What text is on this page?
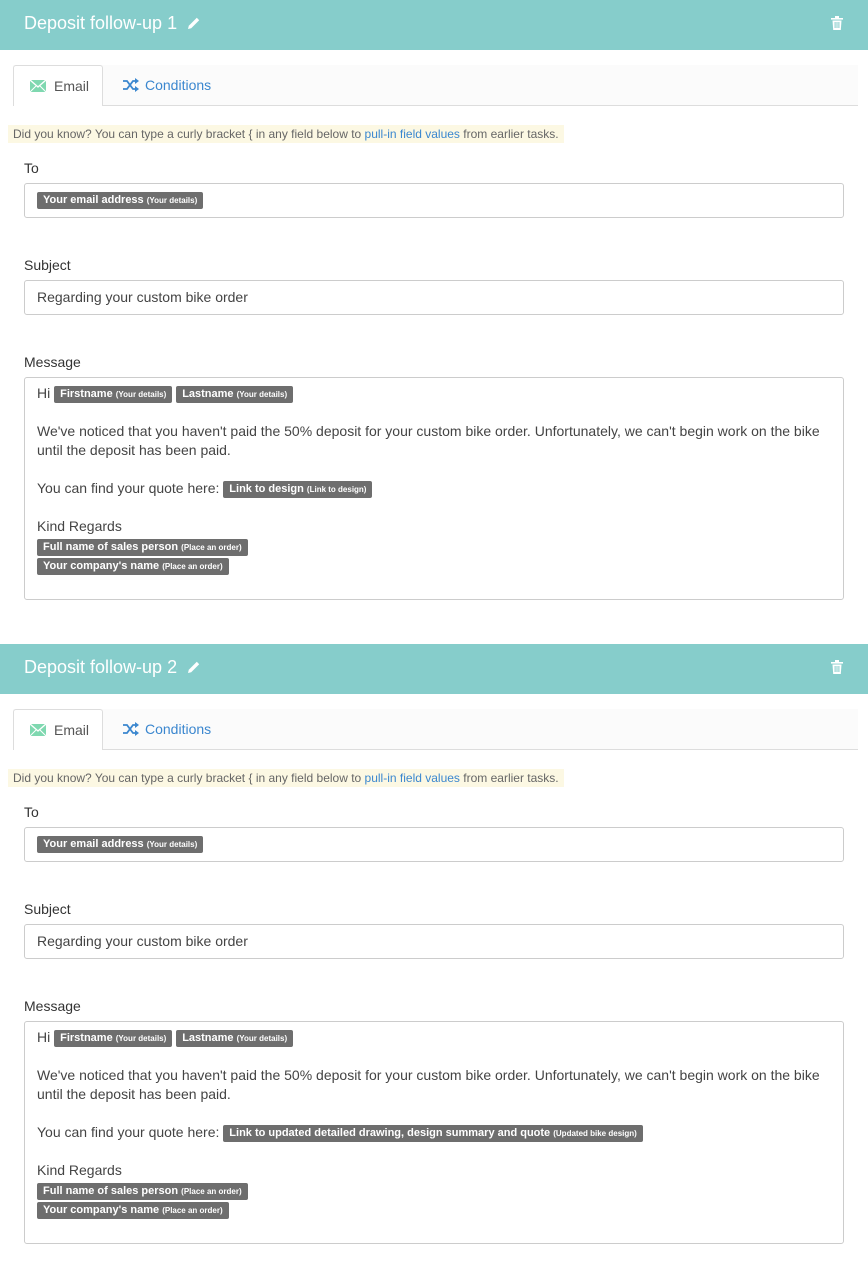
Deposit follow-up 1
Email	Conditions
Did you know? You can type a curly bracket { in any field below to pull-in field values from earlier tasks.
To
Your email address (Your details)
Subject
Regarding your custom bike order
Message
Hi Firstname (Your details) Lastname (Your details)
We've noticed that you haven't paid the 50% deposit for your custom bike order. Unfortunately, we can't begin work on the bike until the deposit has been paid.
You can find your quote here: Link to design (Link to design)
Kind Regards
Full name of sales person (Place an order)
Your company's name (Place an order)
Deposit follow-up 2
Email	Conditions
Did you know? You can type a curly bracket { in any field below to pull-in field values from earlier tasks.
To
Your email address (Your details)
Subject
Regarding your custom bike order
Message
Hi Firstname (Your details) Lastname (Your details)
We've noticed that you haven't paid the 50% deposit for your custom bike order. Unfortunately, we can't begin work on the bike until the deposit has been paid.
You can find your quote here: Link to updated detailed drawing, design summary and quote (Updated bike design)
Kind Regards
Full name of sales person (Place an order)
Your company's name (Place an order)
